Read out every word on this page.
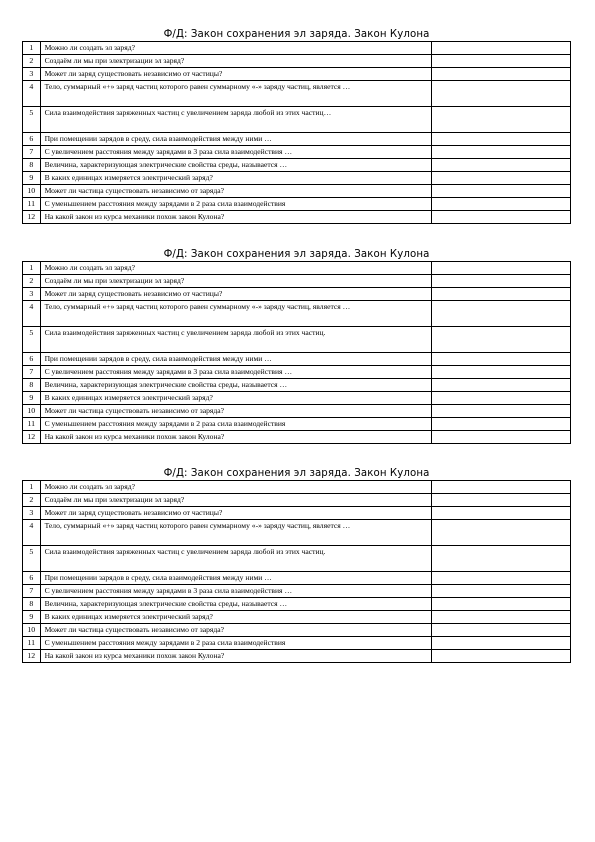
Ф/Д: Закон сохранения эл заряда. Закон Кулона
1	Можно ли создать эл заряд?	
2	Создаём ли мы при электризации эл заряд?	
3	Может ли заряд существовать независимо от частицы?	
4	Тело, суммарный «+» заряд частиц которого равен суммарному «-» заряду частиц, является …	
5	Сила взаимодействия заряженных частиц с увеличением заряда любой из этих частиц…	
6	При помещении зарядов в среду, сила взаимодействия между ними …	
7	С увеличением расстояния между зарядами в 3 раза сила взаимодействия …	
8	Величина, характеризующая электрические свойства среды, называется …	
9	В каких единицах измеряется электрический заряд?	
10	Может ли частица существовать независимо от заряда?	
11	С уменьшением расстояния между зарядами в 2 раза сила взаимодействия	
12	На какой закон из курса механики похож закон Кулона?	
Ф/Д: Закон сохранения эл заряда. Закон Кулона
1	Можно ли создать эл заряд?	
2	Создаём ли мы при электризации эл заряд?	
3	Может ли заряд существовать независимо от частицы?	
4	Тело, суммарный «+» заряд частиц которого равен суммарному «-» заряду частиц, является …	
5	Сила взаимодействия заряженных частиц с увеличением заряда любой из этих частиц.	
6	При помещении зарядов в среду, сила взаимодействия между ними …	
7	С увеличением расстояния между зарядами в 3 раза сила взаимодействия …	
8	Величина, характеризующая электрические свойства среды, называется …	
9	В каких единицах измеряется электрический заряд?	
10	Может ли частица существовать независимо от заряда?	
11	С уменьшением расстояния между зарядами в 2 раза сила взаимодействия	
12	На какой закон из курса механики похож закон Кулона?	
Ф/Д: Закон сохранения эл заряда. Закон Кулона
1	Можно ли создать эл заряд?	
2	Создаём ли мы при электризации эл заряд?	
3	Может ли заряд существовать независимо от частицы?	
4	Тело, суммарный «+» заряд частиц которого равен суммарному «-» заряду частиц, является …	
5	Сила взаимодействия заряженных частиц с увеличением заряда любой из этих частиц.	
6	При помещении зарядов в среду, сила взаимодействия между ними …	
7	С увеличением расстояния между зарядами в 3 раза сила взаимодействия …	
8	Величина, характеризующая электрические свойства среды, называется …	
9	В каких единицах измеряется электрический заряд?	
10	Может ли частица существовать независимо от заряда?	
11	С уменьшением расстояния между зарядами в 2 раза сила взаимодействия	
12	На какой закон из курса механики похож закон Кулона?	
